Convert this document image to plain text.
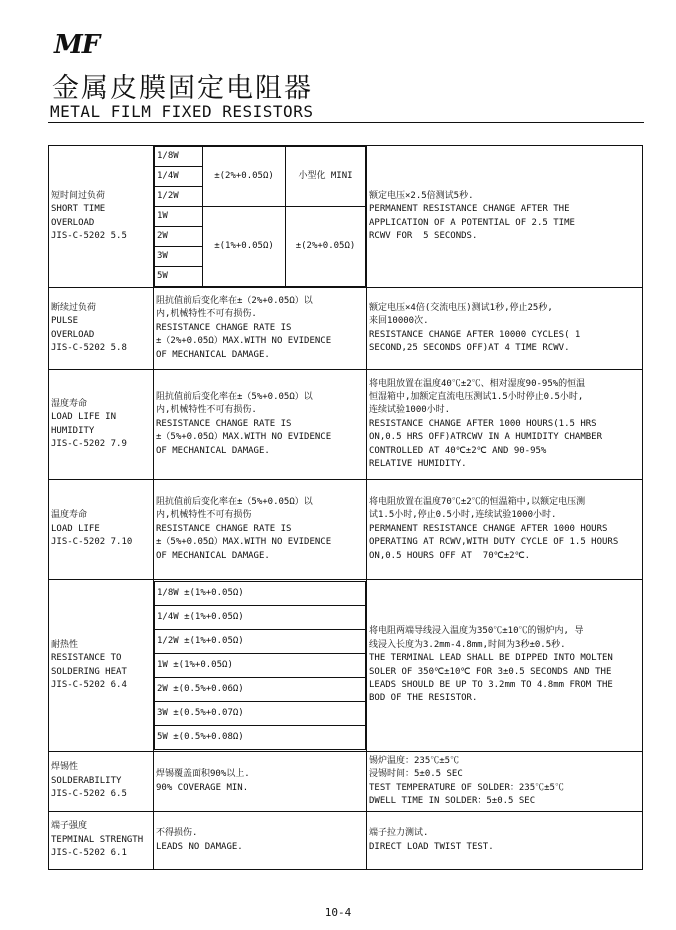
MF
金属皮膜固定电阻器
METAL FILM FIXED RESISTORS
短时间过负荷
SHORT TIME
OVERLOAD
JIS-C-5202 5.5

1/8W	±(2%+0.05Ω)	小型化 MINI
1/4W
1/2W
1W	±(1%+0.05Ω)	±(2%+0.05Ω)
2W
3W
5W

额定电压×2.5倍测试5秒.
PERMANENT RESISTANCE CHANGE AFTER THE
APPLICATION OF A POTENTIAL OF 2.5 TIME
RCWV FOR  5 SECONDS.

断续过负荷
PULSE
OVERLOAD
JIS-C-5202 5.8

阻抗值前后变化率在±（2%+0.05Ω）以
内,机械特性不可有损伤.
RESISTANCE CHANGE RATE IS
±（2%+0.05Ω）MAX.WITH NO EVIDENCE
OF MECHANICAL DAMAGE.

额定电压×4倍(交流电压)测试1秒,停止25秒,
来回10000次.
RESISTANCE CHANGE AFTER 10000 CYCLES( 1
SECOND,25 SECONDS OFF)AT 4 TIME RCWV.

湿度寿命
LOAD LIFE IN
HUMIDITY
JIS-C-5202 7.9

阻抗值前后变化率在±（5%+0.05Ω）以
内,机械特性不可有损伤.
RESISTANCE CHANGE RATE IS
±（5%+0.05Ω）MAX.WITH NO EVIDENCE
OF MECHANICAL DAMAGE.

将电阻放置在温度40℃±2℃、相对湿度90-95%的恒温
恒湿箱中,加额定直流电压测试1.5小时停止0.5小时,
连续试验1000小时.
RESISTANCE CHANGE AFTER 1000 HOURS(1.5 HRS
ON,0.5 HRS OFF)ATRCWV IN A HUMIDITY CHAMBER
CONTROLLED AT 40℃±2℃ AND 90-95%
RELATIVE HUMIDITY.

温度寿命
LOAD LIFE
JIS-C-5202 7.10

阻抗值前后变化率在±（5%+0.05Ω）以
内,机械特性不可有损伤
RESISTANCE CHANGE RATE IS
±（5%+0.05Ω）MAX.WITH NO EVIDENCE
OF MECHANICAL DAMAGE.

将电阻放置在温度70℃±2℃的恒温箱中,以额定电压测
试1.5小时,停止0.5小时,连续试验1000小时.
PERMANENT RESISTANCE CHANGE AFTER 1000 HOURS
OPERATING AT RCWV,WITH DUTY CYCLE OF 1.5 HOURS
ON,0.5 HOURS OFF AT  70℃±2℃.

耐热性
RESISTANCE TO
SOLDERING HEAT
JIS-C-5202 6.4

1/8W ±(1%+0.05Ω)
1/4W ±(1%+0.05Ω)
1/2W ±(1%+0.05Ω)
1W ±(1%+0.05Ω)
2W ±(0.5%+0.06Ω)
3W ±(0.5%+0.07Ω)
5W ±(0.5%+0.08Ω)

将电阻两端导线浸入温度为350℃±10℃的锡炉内, 导
线浸入长度为3.2mm-4.8mm,时间为3秒±0.5秒.
THE TERMINAL LEAD SHALL BE DIPPED INTO MOLTEN
SOLER OF 350℃±10℃ FOR 3±0.5 SECONDS AND THE
LEADS SHOULD BE UP TO 3.2mm TO 4.8mm FROM THE
BOD OF THE RESISTOR.

焊锡性
SOLDERABILITY
JIS-C-5202 6.5

焊锡覆盖面积90%以上.
90% COVERAGE MIN.

锡炉温度：235℃±5℃
浸锡时间：5±0.5 SEC
TEST TEMPERATURE OF SOLDER：235℃±5℃
DWELL TIME IN SOLDER：5±0.5 SEC

端子强度
TEPMINAL STRENGTH
JIS-C-5202 6.1

不得损伤.
LEADS NO DAMAGE.

端子拉力测试.
DIRECT LOAD TWIST TEST.
10-4
